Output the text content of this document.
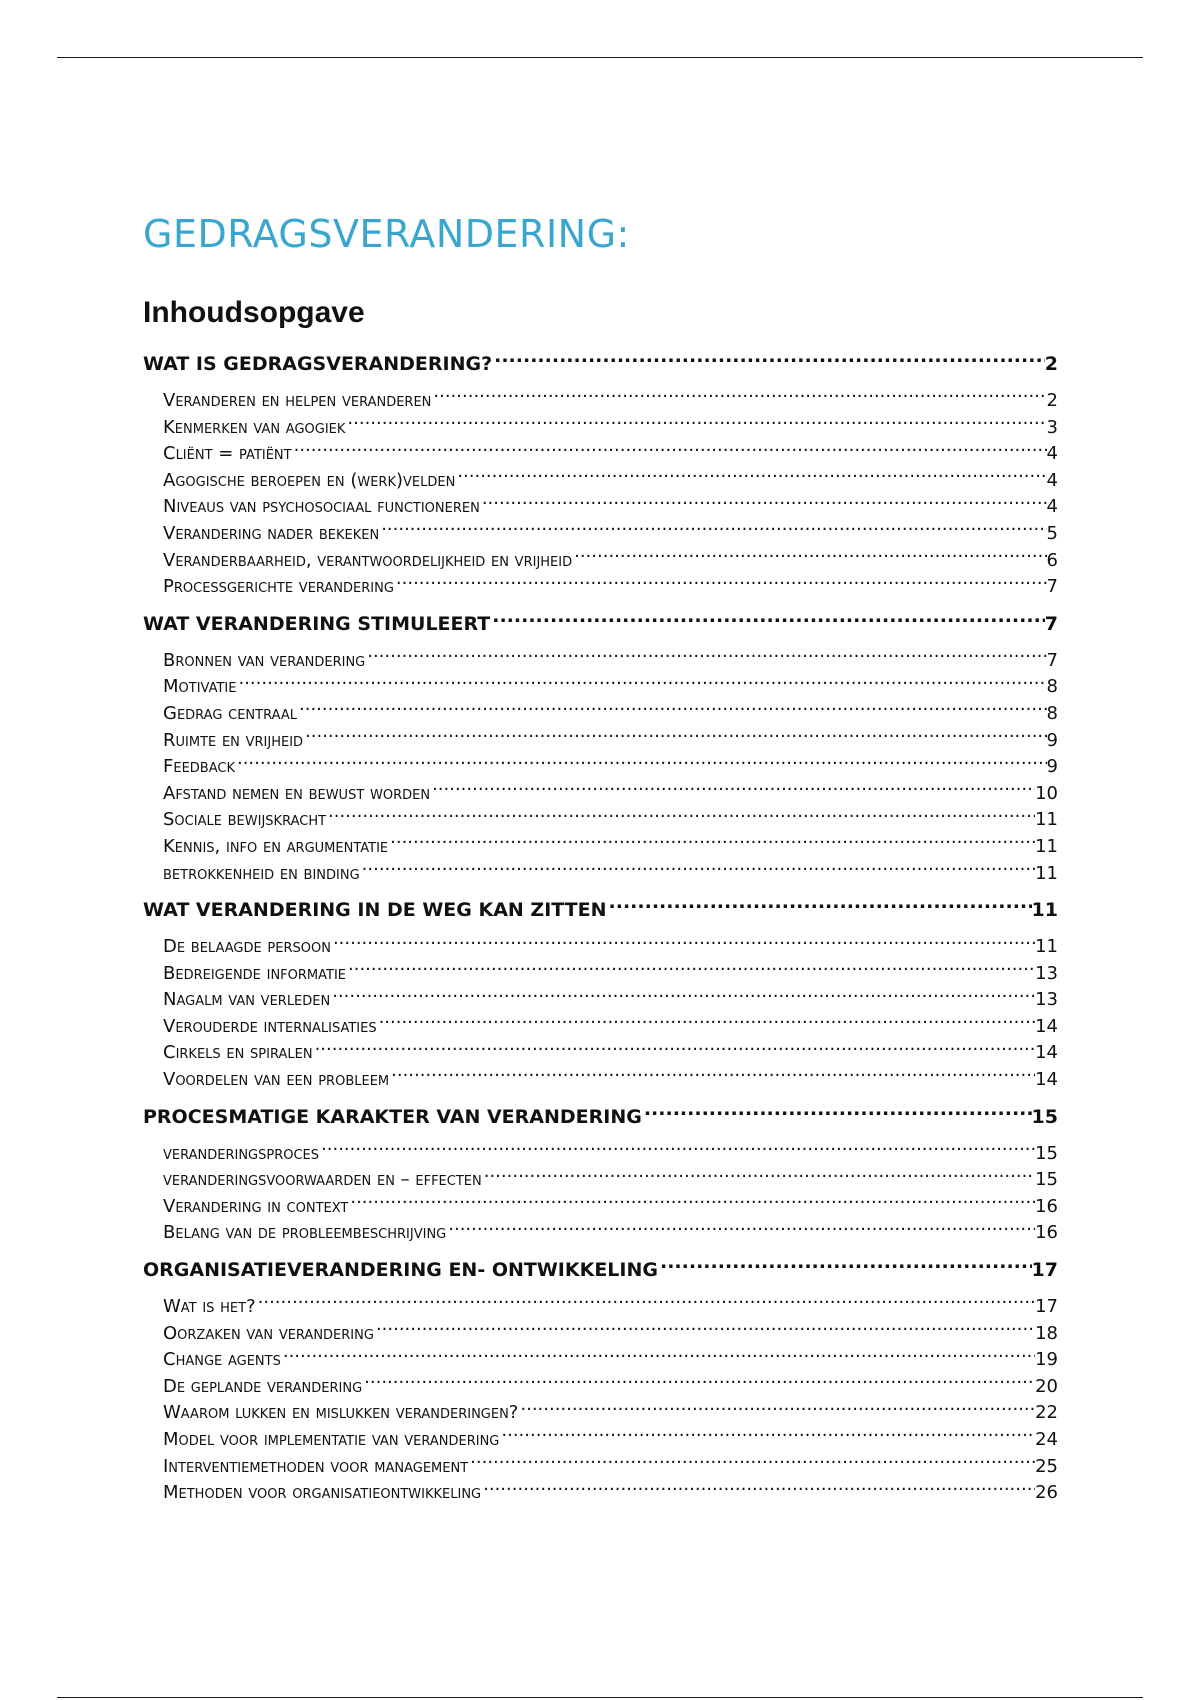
GEDRAGSVERANDERING:
Inhoudsopgave
WAT IS GEDRAGSVERANDERING? .....	2
Veranderen en helpen veranderen .....	2
Kenmerken van agogiek .....	3
Cliënt = patiënt .....	4
Agogische beroepen en (werk)velden .....	4
Niveaus van psychosociaal functioneren .....	4
Verandering nader bekeken .....	5
Veranderbaarheid, verantwoordelijkheid en vrijheid .....	6
Processgerichte verandering .....	7
WAT VERANDERING STIMULEERT .....	7
Bronnen van verandering .....	7
Motivatie .....	8
Gedrag centraal .....	8
Ruimte en vrijheid .....	9
Feedback .....	9
Afstand nemen en bewust worden .....	10
Sociale bewijskracht .....	11
Kennis, info en argumentatie .....	11
betrokkenheid en binding .....	11
WAT VERANDERING IN DE WEG KAN ZITTEN .....	11
De belaagde persoon .....	11
Bedreigende informatie .....	13
Nagalm van verleden .....	13
Verouderde internalisaties .....	14
Cirkels en spiralen .....	14
Voordelen van een probleem .....	14
PROCESMATIGE KARAKTER VAN VERANDERING .....	15
veranderingsproces .....	15
veranderingsvoorwaarden en – effecten .....	15
Verandering in context .....	16
Belang van de probleembeschrijving .....	16
ORGANISATIEVERANDERING EN- ONTWIKKELING .....	17
Wat is het? .....	17
Oorzaken van verandering .....	18
Change agents .....	19
De geplande verandering .....	20
Waarom lukken en mislukken veranderingen? .....	22
Model voor implementatie van verandering .....	24
Interventiemethoden voor management .....	25
Methoden voor organisatieontwikkeling .....	26
